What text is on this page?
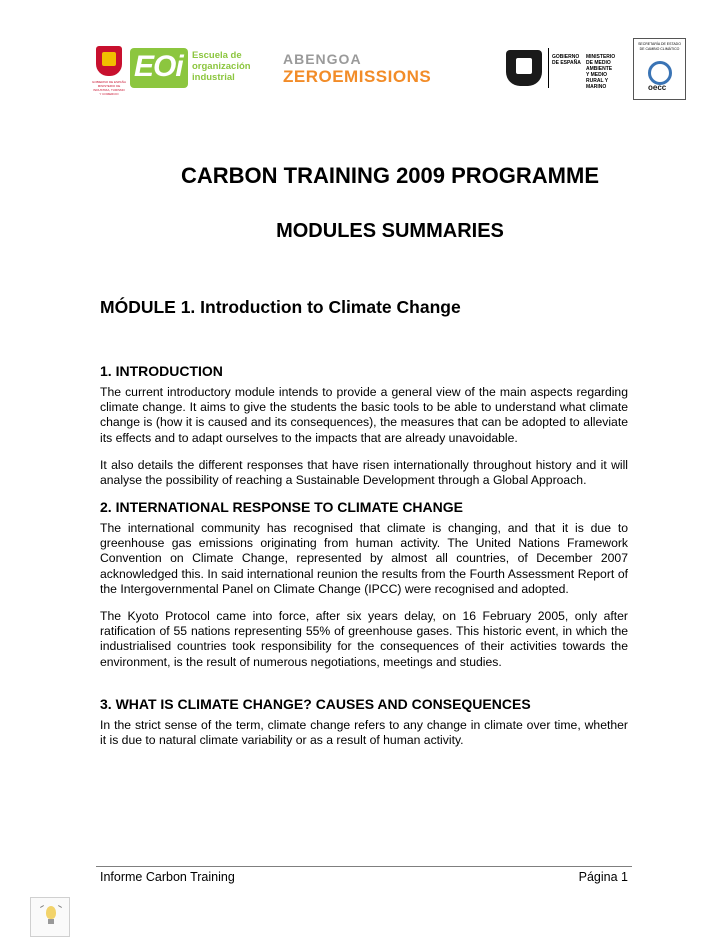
GOBIERNO DE ESPAÑA MINISTERIO DE INDUSTRIA, TURISMO Y COMERCIO
EOi Escuela de
organización
industrial
ABENGOA
ZEROEMISSIONS
GOBIERNO
DE ESPAÑA
MINISTERIO
DE MEDIO AMBIENTE
Y MEDIO RURAL Y MARINO
SECRETARÍA DE ESTADO DE CAMBIO CLIMÁTICO
oecc
CARBON TRAINING 2009 PROGRAMME
MODULES SUMMARIES
MÓDULE 1. Introduction to Climate Change
1. INTRODUCTION
The current introductory module intends to provide a general view of the main aspects regarding climate change. It aims to give the students the basic tools to be able to understand what climate change is (how it is caused and its consequences), the measures that can be adopted to alleviate its effects and to adapt ourselves to the impacts that are already unavoidable.
It also details the different responses that have risen internationally throughout history and it will analyse the possibility of reaching a Sustainable Development through a Global Approach.
2. INTERNATIONAL RESPONSE TO CLIMATE CHANGE
The international community has recognised that climate is changing, and that it is due to greenhouse gas emissions originating from human activity. The United Nations Framework Convention on Climate Change, represented by almost all countries, of December 2007 acknowledged this. In said international reunion the results from the Fourth Assessment Report of the Intergovernmental Panel on Climate Change (IPCC) were recognised and adopted.
The Kyoto Protocol came into force, after six years delay, on 16 February 2005, only after ratification of 55 nations representing 55% of greenhouse gases. This historic event, in which the industrialised countries took responsibility for the consequences of their activities towards the environment, is the result of numerous negotiations, meetings and studies.
3. WHAT IS CLIMATE CHANGE? CAUSES AND CONSEQUENCES
In the strict sense of the term, climate change refers to any change in climate over time, whether it is due to natural climate variability or as a result of human activity.
Informe Carbon Training	Página 1
